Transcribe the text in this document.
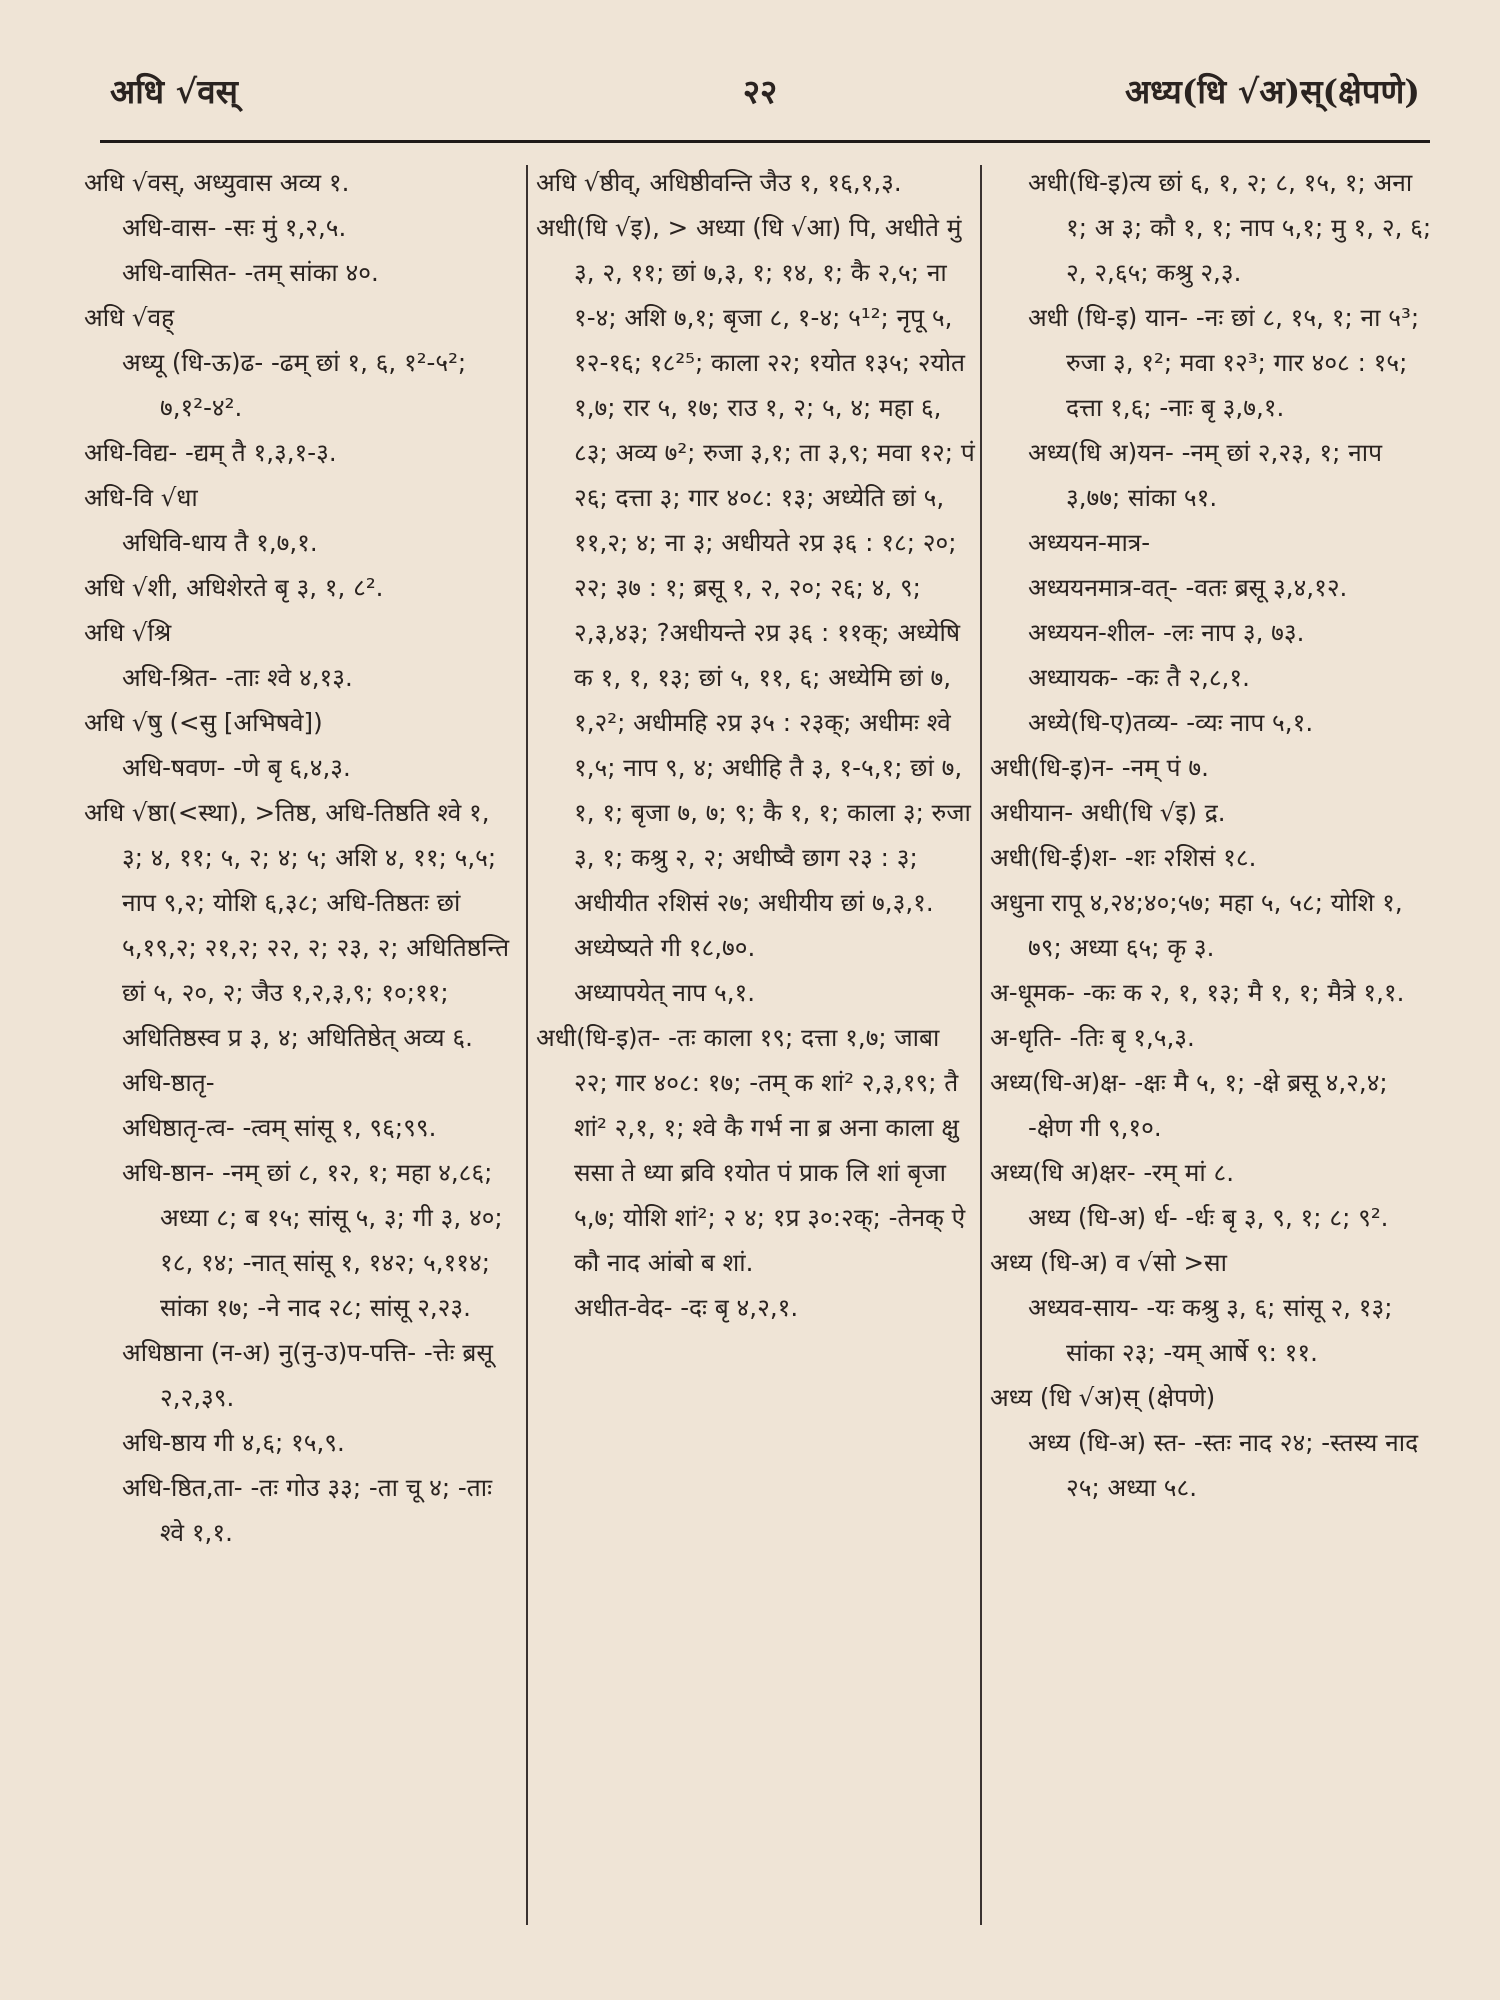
अधि √वस्	२२	अध्य(धि √अ)स्(क्षेपणे)

अधि √वस्, अध्युवास अव्य १.

अधि-वास- -सः मुं १,२,५.

अधि-वासित- -तम् सांका ४०.

अधि √वह्

अध्यू (धि-ऊ)ढ- -ढम् छां १, ६, १²-५²; ७,१²-४².

अधि-विद्य- -द्यम् तै १,३,१-३.

अधि-वि √धा

अधिवि-धाय तै १,७,१.

अधि √शी, अधिशेरते बृ ३, १, ८².

अधि √श्रि

अधि-श्रित- -ताः श्वे ४,१३.

अधि √षु (<सु [अभिषवे])

अधि-षवण- -णे बृ ६,४,३.

अधि √ष्ठा(<स्था), >तिष्ठ, अधि-तिष्ठति श्वे १, ३; ४, ११; ५, २; ४; ५; अशि ४, ११; ५,५; नाप ९,२; योशि ६,३८; अधि-तिष्ठतः छां ५,१९,२; २१,२; २२, २; २३, २; अधितिष्ठन्ति छां ५, २०, २; जैउ १,२,३,९; १०;११; अधितिष्ठस्व प्र ३, ४; अधितिष्ठेत् अव्य ६.

अधि-ष्ठातृ-

अधिष्ठातृ-त्व- -त्वम् सांसू १, ९६;९९.

अधि-ष्ठान- -नम् छां ८, १२, १; महा ४,८६; अध्या ८; ब १५; सांसू ५, ३; गी ३, ४०; १८, १४; -नात् सांसू १, १४२; ५,११४; सांका १७; -ने नाद २८; सांसू २,२३.

अधिष्ठाना (न-अ) नु(नु-उ)प-पत्ति- -त्तेः ब्रसू २,२,३९.

अधि-ष्ठाय गी ४,६; १५,९.

अधि-ष्ठित,ता- -तः गोउ ३३; -ता चू ४; -ताः श्वे १,१.

अधि √ष्ठीव्, अधिष्ठीवन्ति जैउ १, १६,१,३.

अधी(धि √इ), > अध्या (धि √आ) पि, अधीते मुं ३, २, ११; छां ७,३, १; १४, १; कै २,५; ना १-४; अशि ७,१; बृजा ८, १-४; ५¹²; नृपू ५, १२-१६; १८²⁵; काला २२; १योत १३५; २योत १,७; रार ५, १७; राउ १, २; ५, ४; महा ६, ८३; अव्य ७²; रुजा ३,१; ता ३,९; मवा १२; पं २६; दत्ता ३; गार ४०८: १३; अध्येति छां ५, ११,२; ४; ना ३; अधीयते २प्र ३६ : १८; २०; २२; ३७ : १; ब्रसू १, २, २०; २६; ४, ९; २,३,४३; ?अधीयन्ते २प्र ३६ : ११क्; अध्येषि क १, १, १३; छां ५, ११, ६; अध्येमि छां ७, १,२²; अधीमहि २प्र ३५ : २३क्; अधीमः श्वे १,५; नाप ९, ४; अधीहि तै ३, १-५,१; छां ७, १, १; बृजा ७, ७; ९; कै १, १; काला ३; रुजा ३, १; कश्रु २, २; अधीष्वै छाग २३ : ३; अधीयीत २शिसं २७; अधीयीय छां ७,३,१.

अध्येष्यते गी १८,७०.

अध्यापयेत् नाप ५,१.

अधी(धि-इ)त- -तः काला १९; दत्ता १,७; जाबा २२; गार ४०८: १७; -तम् क शां² २,३,१९; तै शां² २,१, १; श्वे कै गर्भ ना ब्र अना काला क्षु ससा ते ध्या ब्रवि १योत पं प्राक लि शां बृजा ५,७; योशि शां²; २ ४; १प्र ३०:२क्; -तेनक् ऐ कौ नाद आंबो ब शां.

अधीत-वेद- -दः बृ ४,२,१.

अधी(धि-इ)त्य छां ६, १, २; ८, १५, १; अना १; अ ३; कौ १, १; नाप ५,१; मु १, २, ६; २, २,६५; कश्रु २,३.

अधी (धि-इ) यान- -नः छां ८, १५, १; ना ५³; रुजा ३, १²; मवा १२³; गार ४०८ : १५; दत्ता १,६; -नाः बृ ३,७,१.

अध्य(धि अ)यन- -नम् छां २,२३, १; नाप ३,७७; सांका ५१.

अध्ययन-मात्र-

अध्ययनमात्र-वत्- -वतः ब्रसू ३,४,१२.

अध्ययन-शील- -लः नाप ३, ७३.

अध्यायक- -कः तै २,८,१.

अध्ये(धि-ए)तव्य- -व्यः नाप ५,१.

अधी(धि-इ)न- -नम् पं ७.

अधीयान- अधी(धि √इ) द्र.

अधी(धि-ई)श- -शः २शिसं १८.

अधुना रापू ४,२४;४०;५७; महा ५, ५८; योशि १, ७९; अध्या ६५; कृ ३.

अ-धूमक- -कः क २, १, १३; मै १, १; मैत्रे १,१.

अ-धृति- -तिः बृ १,५,३.

अध्य(धि-अ)क्ष- -क्षः मै ५, १; -क्षे ब्रसू ४,२,४; -क्षेण गी ९,१०.

अध्य(धि अ)क्षर- -रम् मां ८.

अध्य (धि-अ) र्ध- -र्धः बृ ३, ९, १; ८; ९².

अध्य (धि-अ) व √सो >सा

अध्यव-साय- -यः कश्रु ३, ६; सांसू २, १३; सांका २३; -यम् आर्षे ९: ११.

अध्य (धि √अ)स् (क्षेपणे)

अध्य (धि-अ) स्त- -स्तः नाद २४; -स्तस्य नाद २५; अध्या ५८.
